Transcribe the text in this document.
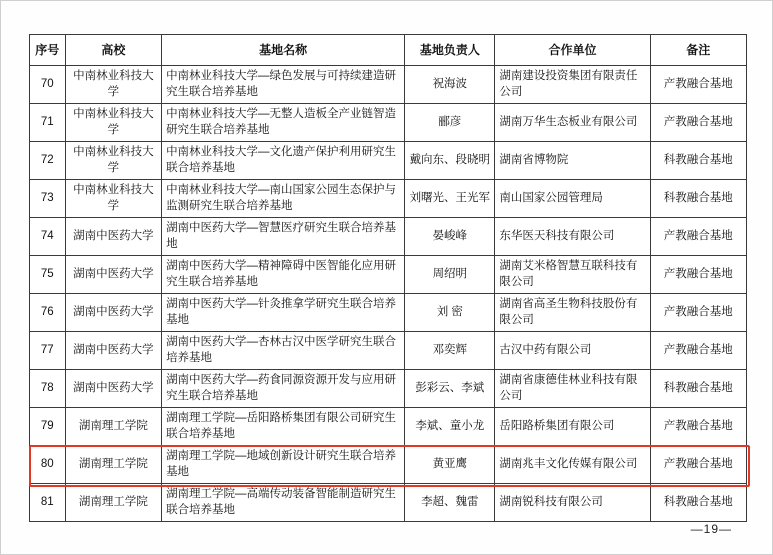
序号	高校	基地名称	基地负责人	合作单位	备注
70	中南林业科技大学	中南林业科技大学—绿色发展与可持续建造研究生联合培养基地	祝海波	湖南建设投资集团有限责任公司	产教融合基地
71	中南林业科技大学	中南林业科技大学—无整人造板全产业链智造研究生联合培养基地	郦彦	湖南万华生态板业有限公司	产教融合基地
72	中南林业科技大学	中南林业科技大学—文化遗产保护利用研究生联合培养基地	戴向东、段晓明	湖南省博物院	科教融合基地
73	中南林业科技大学	中南林业科技大学—南山国家公园生态保护与监测研究生联合培养基地	刘曙光、王光军	南山国家公园管理局	科教融合基地
74	湖南中医药大学	湖南中医药大学—智慧医疗研究生联合培养基地	晏峻峰	东华医天科技有限公司	产教融合基地
75	湖南中医药大学	湖南中医药大学—精神障碍中医智能化应用研究生联合培养基地	周绍明	湖南艾米格智慧互联科技有限公司	产教融合基地
76	湖南中医药大学	湖南中医药大学—针灸推拿学研究生联合培养基地	刘 密	湖南省高圣生物科技股份有限公司	产教融合基地
77	湖南中医药大学	湖南中医药大学—杏林古汉中医学研究生联合培养基地	邓奕辉	古汉中药有限公司	产教融合基地
78	湖南中医药大学	湖南中医药大学—药食同源资源开发与应用研究生联合培养基地	彭彩云、李斌	湖南省康德佳林业科技有限公司	科教融合基地
79	湖南理工学院	湖南理工学院—岳阳路桥集团有限公司研究生联合培养基地	李斌、童小龙	岳阳路桥集团有限公司	产教融合基地
80	湖南理工学院	湖南理工学院—地域创新设计研究生联合培养基地	黄亚鹰	湖南兆丰文化传媒有限公司	产教融合基地
81	湖南理工学院	湖南理工学院—高端传动装备智能制造研究生联合培养基地	李超、魏雷	湖南锐科技有限公司	科教融合基地
—19—
